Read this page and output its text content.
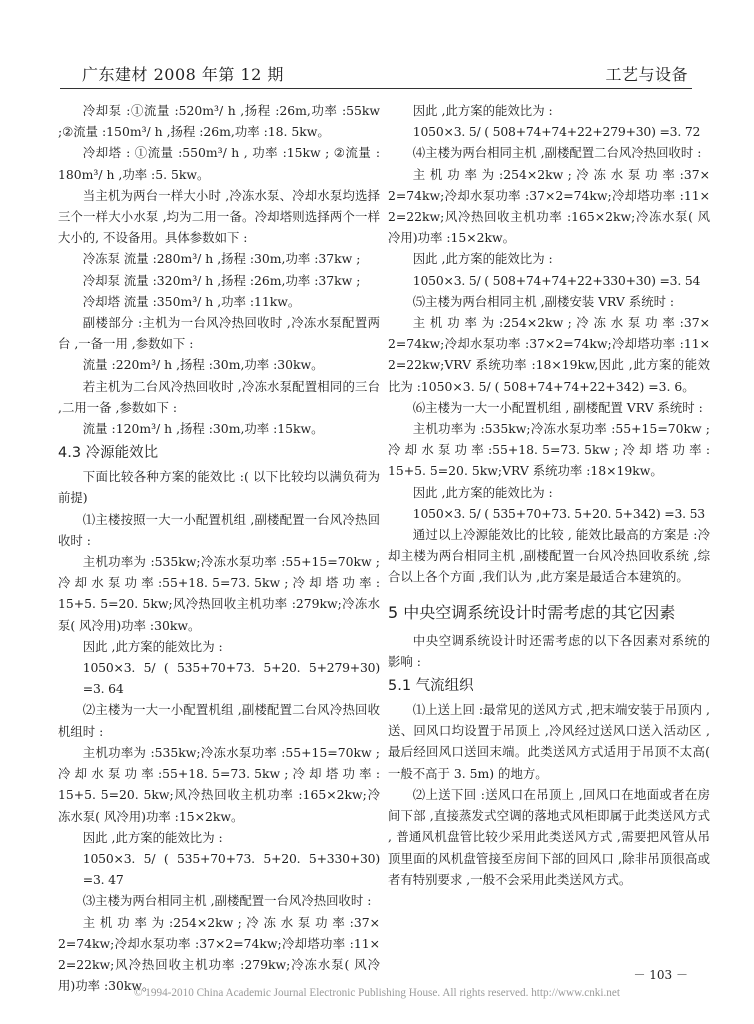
广东建材 2008 年第 12 期	工艺与设备

冷却泵 :①流量 :520m³/ h ,扬程 :26m,功率 :55kw ;②流量 :150m³/ h ,扬程 :26m,功率 :18. 5kw。

冷却塔 : ①流量 :550m³/ h , 功率 :15kw ; ②流量 : 180m³/ h ,功率 :5. 5kw。

当主机为两台一样大小时 ,冷冻水泵、冷却水泵均选择三个一样大小水泵 ,均为二用一备。冷却塔则选择两个一样大小的, 不设备用。具体参数如下 :

冷冻泵 流量 :280m³/ h ,扬程 :30m,功率 :37kw ;

冷却泵 流量 :320m³/ h ,扬程 :26m,功率 :37kw ;

冷却塔 流量 :350m³/ h ,功率 :11kw。

副楼部分 :主机为一台风冷热回收时 ,冷冻水泵配置两台 ,一备一用 ,参数如下 :

流量 :220m³/ h ,扬程 :30m,功率 :30kw。

若主机为二台风冷热回收时 ,冷冻水泵配置相同的三台 ,二用一备 ,参数如下 :

流量 :120m³/ h ,扬程 :30m,功率 :15kw。

4.3 冷源能效比

下面比较各种方案的能效比 :( 以下比较均以满负荷为前提)

⑴主楼按照一大一小配置机组 ,副楼配置一台风冷热回收时 :

主机功率为 :535kw;冷冻水泵功率 :55+15=70kw ;冷 却 水 泵 功 率 :55+18. 5=73. 5kw ; 冷 却 塔 功 率 : 15+5. 5=20. 5kw;风冷热回收主机功率 :279kw;冷冻水泵( 风冷用)功率 :30kw。

因此 ,此方案的能效比为 :

1050×3. 5/ ( 535+70+73. 5+20. 5+279+30) =3. 64

⑵主楼为一大一小配置机组 ,副楼配置二台风冷热回收机组时 :

主机功率为 :535kw;冷冻水泵功率 :55+15=70kw ;冷 却 水 泵 功 率 :55+18. 5=73. 5kw ; 冷 却 塔 功 率 : 15+5. 5=20. 5kw;风冷热回收主机功率 :165×2kw;冷冻水泵( 风冷用)功率 :15×2kw。

因此 ,此方案的能效比为 :

1050×3. 5/ ( 535+70+73. 5+20. 5+330+30) =3. 47

⑶主楼为两台相同主机 ,副楼配置一台风冷热回收时 :

主 机 功 率 为 :254×2kw ; 冷 冻 水 泵 功 率 :37× 2=74kw;冷却水泵功率 :37×2=74kw;冷却塔功率 :11× 2=22kw;风冷热回收主机功率 :279kw;冷冻水泵( 风冷用)功率 :30kw。

因此 ,此方案的能效比为 :

1050×3. 5/ ( 508+74+74+22+279+30) =3. 72

⑷主楼为两台相同主机 ,副楼配置二台风冷热回收时 :

主 机 功 率 为 :254×2kw ; 冷 冻 水 泵 功 率 :37× 2=74kw;冷却水泵功率 :37×2=74kw;冷却塔功率 :11× 2=22kw;风冷热回收主机功率 :165×2kw;冷冻水泵( 风冷用)功率 :15×2kw。

因此 ,此方案的能效比为 :

1050×3. 5/ ( 508+74+74+22+330+30) =3. 54

⑸主楼为两台相同主机 ,副楼安装 VRV 系统时 :

主 机 功 率 为 :254×2kw ; 冷 冻 水 泵 功 率 :37× 2=74kw;冷却水泵功率 :37×2=74kw;冷却塔功率 :11× 2=22kw;VRV 系统功率 :18×19kw,因此 ,此方案的能效比为 :1050×3. 5/ ( 508+74+74+22+342) =3. 6。

⑹主楼为一大一小配置机组 , 副楼配置 VRV 系统时 :

主机功率为 :535kw;冷冻水泵功率 :55+15=70kw ;冷 却 水 泵 功 率 :55+18. 5=73. 5kw ; 冷 却 塔 功 率 : 15+5. 5=20. 5kw;VRV 系统功率 :18×19kw。

因此 ,此方案的能效比为 :

1050×3. 5/ ( 535+70+73. 5+20. 5+342) =3. 53

通过以上冷源能效比的比较 , 能效比最高的方案是 :冷却主楼为两台相同主机 ,副楼配置一台风冷热回收系统 ,综合以上各个方面 ,我们认为 ,此方案是最适合本建筑的。

5 中央空调系统设计时需考虑的其它因素

中央空调系统设计时还需考虑的以下各因素对系统的影响 :

5.1 气流组织

⑴上送上回 :最常见的送风方式 ,把末端安装于吊顶内 ,送、回风口均设置于吊顶上 ,冷风经过送风口送入活动区 ,最后经回风口送回末端。此类送风方式适用于吊顶不太高( 一般不高于 3. 5m) 的地方。

⑵上送下回 :送风口在吊顶上 ,回风口在地面或者在房间下部 ,直接蒸发式空调的落地式风柜即属于此类送风方式 , 普通风机盘管比较少采用此类送风方式 ,需要把风管从吊顶里面的风机盘管接至房间下部的回风口 ,除非吊顶很高或者有特别要求 ,一般不会采用此类送风方式。

－ 103 －
© 1994-2010 China Academic Journal Electronic Publishing House. All rights reserved. http://www.cnki.net
